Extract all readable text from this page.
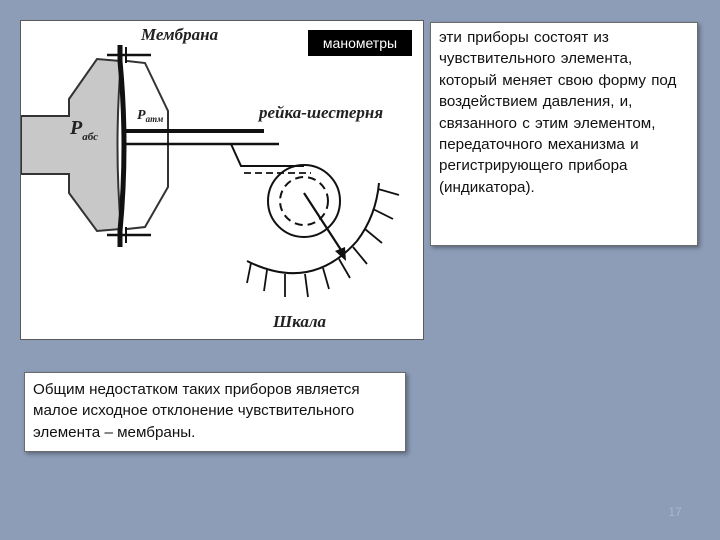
Мембрана
$P_{абс}$
$P_{атм}$	рейка-шестерня
Шкала
манометры	эти приборы состоят из чувствительного элемента, который меняет свою форму под воздействием давления, и, связанного с этим элементом, передаточного механизма и регистрирующего прибора (индикатора).
Общим недостатком таких приборов является малое исходное отклонение чувствительного элемента – мембраны.
17
